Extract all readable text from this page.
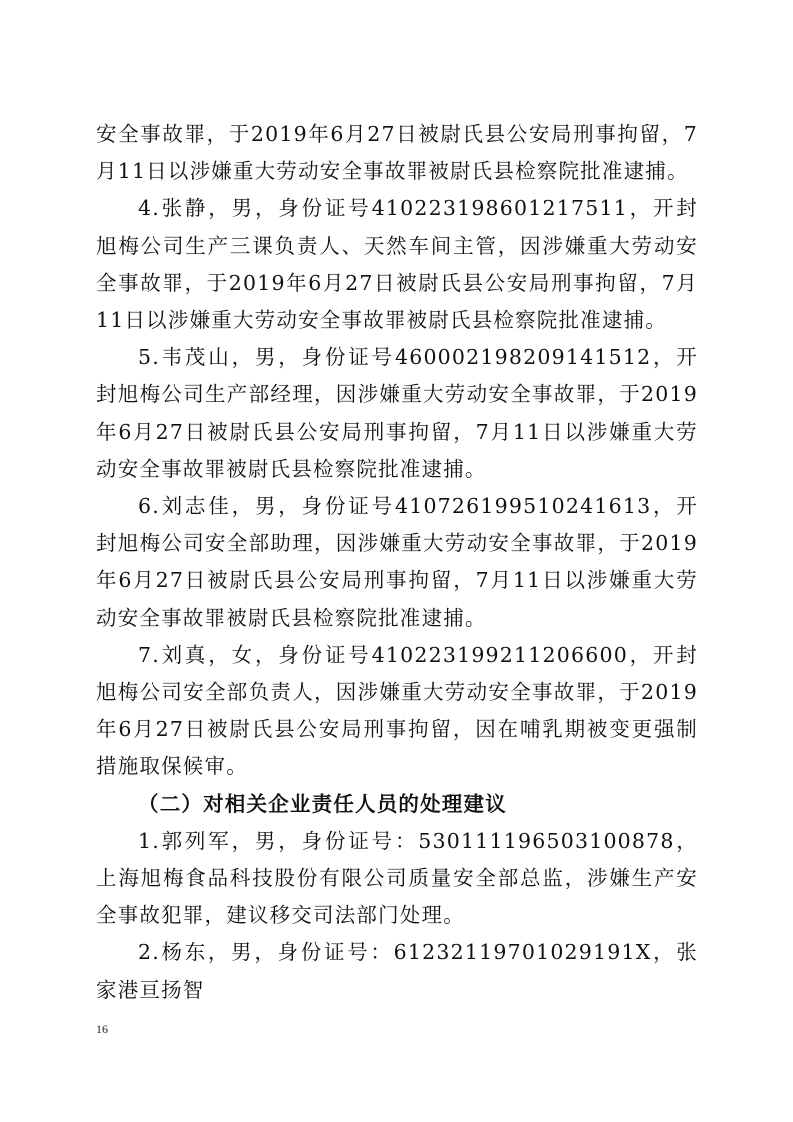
安全事故罪，于2019年6月27日被尉氏县公安局刑事拘留，7月11日以涉嫌重大劳动安全事故罪被尉氏县检察院批准逮捕。

4.张静，男，身份证号410223198601217511，开封旭梅公司生产三课负责人、天然车间主管，因涉嫌重大劳动安全事故罪，于2019年6月27日被尉氏县公安局刑事拘留，7月11日以涉嫌重大劳动安全事故罪被尉氏县检察院批准逮捕。

5.韦茂山，男，身份证号460002198209141512，开封旭梅公司生产部经理，因涉嫌重大劳动安全事故罪，于2019年6月27日被尉氏县公安局刑事拘留，7月11日以涉嫌重大劳动安全事故罪被尉氏县检察院批准逮捕。

6.刘志佳，男，身份证号410726199510241613，开封旭梅公司安全部助理，因涉嫌重大劳动安全事故罪，于2019年6月27日被尉氏县公安局刑事拘留，7月11日以涉嫌重大劳动安全事故罪被尉氏县检察院批准逮捕。

7.刘真，女，身份证号410223199211206600，开封旭梅公司安全部负责人，因涉嫌重大劳动安全事故罪，于2019年6月27日被尉氏县公安局刑事拘留，因在哺乳期被变更强制措施取保候审。

（二）对相关企业责任人员的处理建议

1.郭列军，男，身份证号：530111196503100878，上海旭梅食品科技股份有限公司质量安全部总监，涉嫌生产安全事故犯罪，建议移交司法部门处理。

2.杨东，男，身份证号：61232119701029191X，张家港亘扬智

16
